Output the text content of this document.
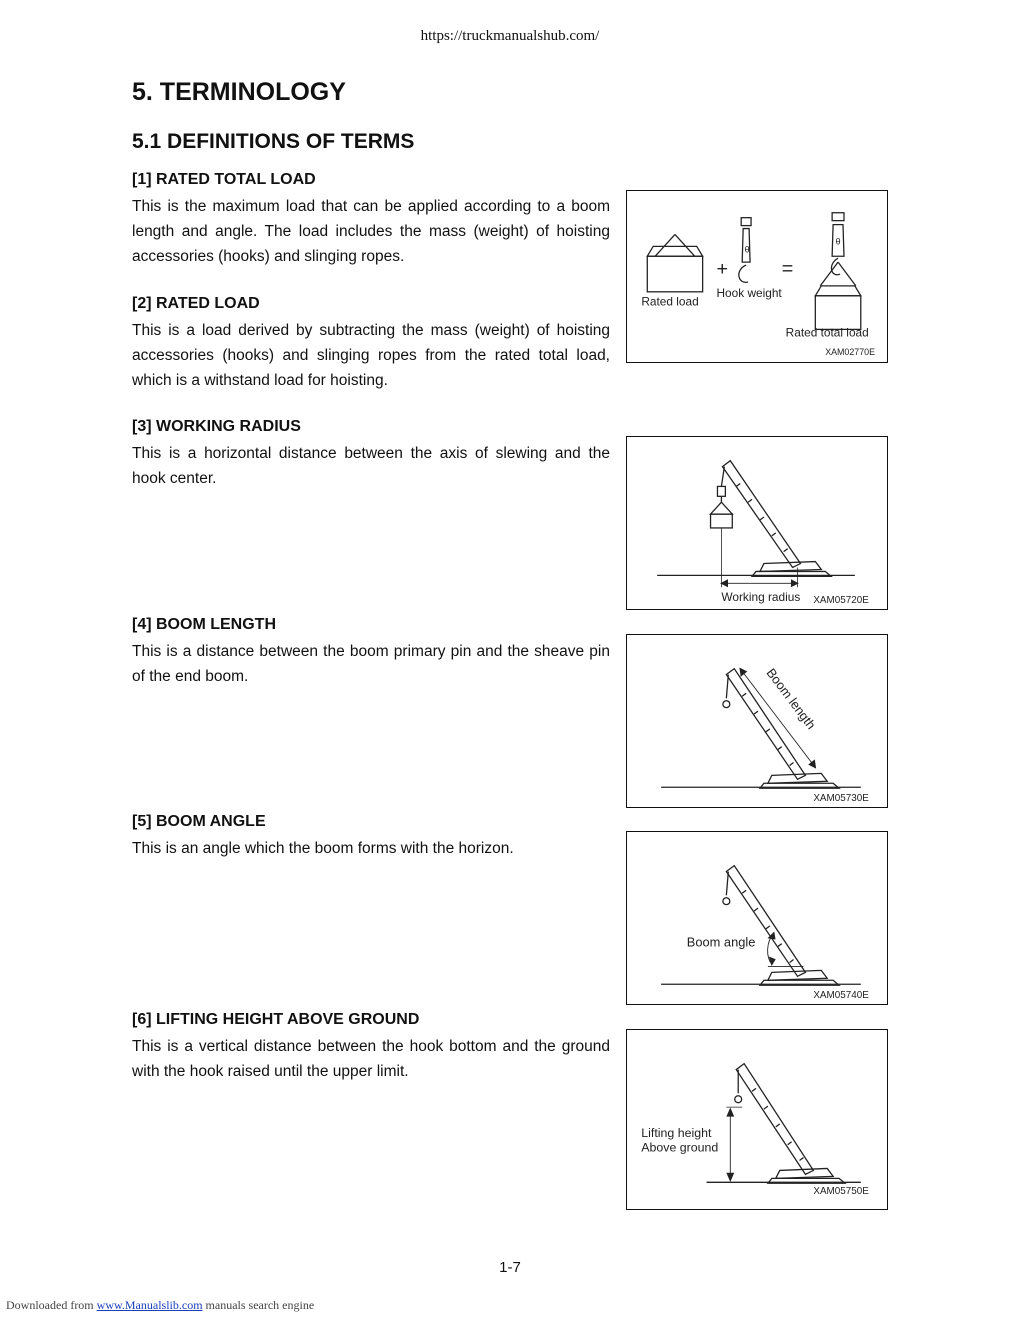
https://truckmanualshub.com/
5. TERMINOLOGY
5.1 DEFINITIONS OF TERMS
[1] RATED TOTAL LOAD

This is the maximum load that can be applied according to a boom length and angle. The load includes the mass (weight) of hoisting accessories (hooks) and slinging ropes.

[2] RATED LOAD

This is a load derived by subtracting the mass (weight) of hoisting accessories (hooks) and slinging ropes from the rated total load, which is a withstand load for hoisting.

[3] WORKING RADIUS

This is a horizontal distance between the axis of slewing and the hook center.

[4] BOOM LENGTH

This is a distance between the boom primary pin and the sheave pin of the end boom.

[5] BOOM ANGLE

This is an angle which the boom forms with the horizon.

[6] LIFTING HEIGHT ABOVE GROUND

This is a vertical distance between the hook bottom and the ground with the hook raised until the upper limit.

θ
θ
+	=
Rated load
Hook weight
Rated total load
XAM02770E
Working radius XAM05720E
Boom length
XAM05730E
Boom angle
XAM05740E
Lifting height
Above ground
XAM05750E
1-7
Downloaded from www.Manualslib.com manuals search engine
